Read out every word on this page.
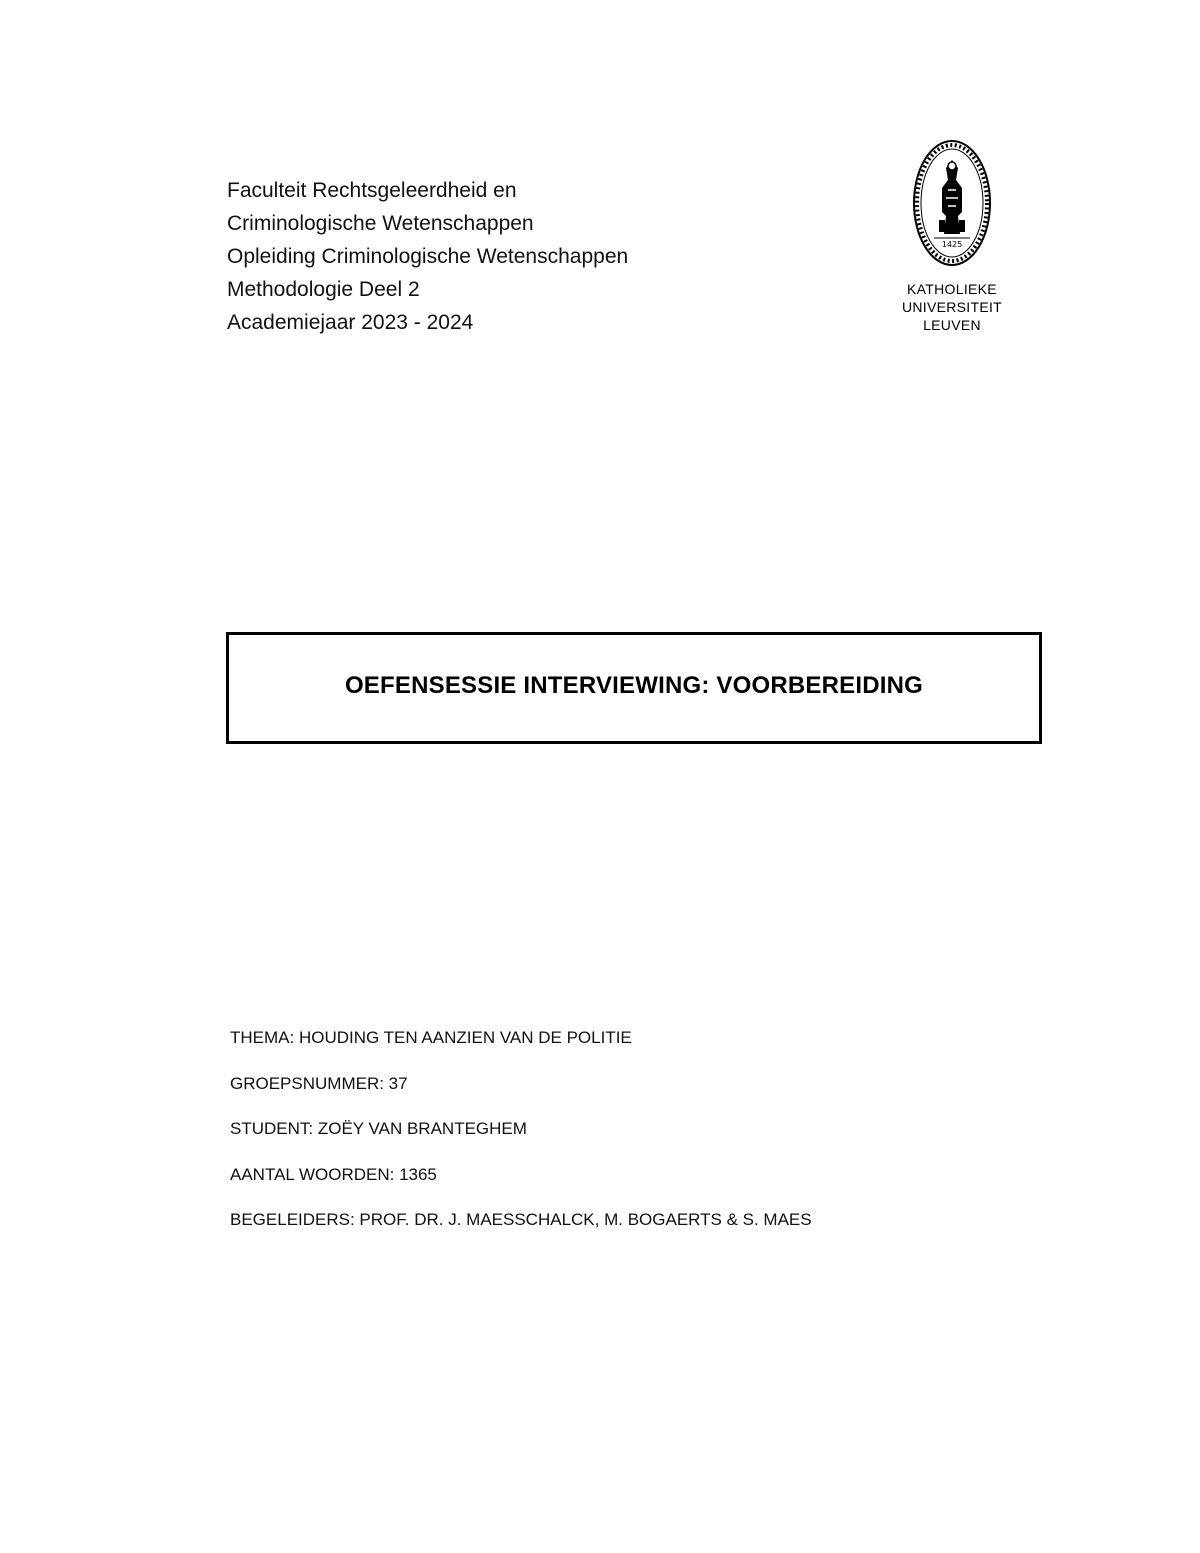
Faculteit Rechtsgeleerdheid en
Criminologische Wetenschappen
Opleiding Criminologische Wetenschappen
Methodologie Deel 2
Academiejaar 2023 - 2024
1425
KATHOLIEKE
UNIVERSITEIT
LEUVEN
OEFENSESSIE INTERVIEWING: VOORBEREIDING
THEMA: HOUDING TEN AANZIEN VAN DE POLITIE
GROEPSNUMMER: 37
STUDENT: ZOËY VAN BRANTEGHEM
AANTAL WOORDEN: 1365
BEGELEIDERS: PROF. DR. J. MAESSCHALCK, M. BOGAERTS & S. MAES
